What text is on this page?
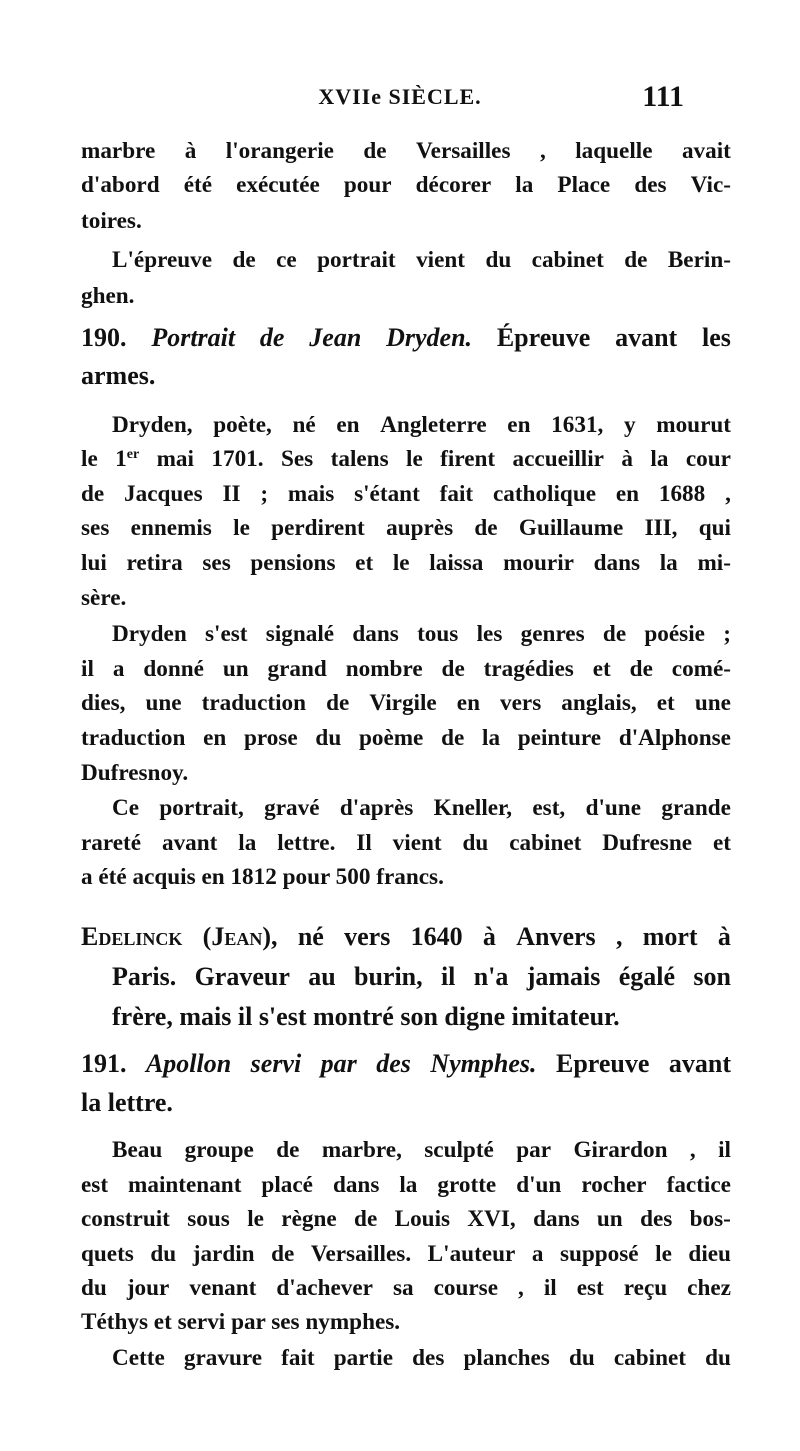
XVIIe SIÈCLE.	111
marbre à l'orangerie de Versailles , laquelle avait
d'abord été exécutée pour décorer la Place des Vic-
toires.
L'épreuve de ce portrait vient du cabinet de Berin-
ghen.
190. Portrait de Jean Dryden. Épreuve avant les
armes.
Dryden, poète, né en Angleterre en 1631, y mourut
le 1er mai 1701. Ses talens le firent accueillir à la cour
de Jacques II ; mais s'étant fait catholique en 1688 ,
ses ennemis le perdirent auprès de Guillaume III, qui
lui retira ses pensions et le laissa mourir dans la mi-
sère.
Dryden s'est signalé dans tous les genres de poésie ;
il a donné un grand nombre de tragédies et de comé-
dies, une traduction de Virgile en vers anglais, et une
traduction en prose du poème de la peinture d'Alphonse
Dufresnoy.
Ce portrait, gravé d'après Kneller, est, d'une grande
rareté avant la lettre. Il vient du cabinet Dufresne et
a été acquis en 1812 pour 500 francs.
Edelinck (Jean), né vers 1640 à Anvers , mort à
Paris. Graveur au burin, il n'a jamais égalé son
frère, mais il s'est montré son digne imitateur.
191. Apollon servi par des Nymphes. Epreuve avant
la lettre.
Beau groupe de marbre, sculpté par Girardon , il
est maintenant placé dans la grotte d'un rocher factice
construit sous le règne de Louis XVI, dans un des bos-
quets du jardin de Versailles. L'auteur a supposé le dieu
du jour venant d'achever sa course , il est reçu chez
Téthys et servi par ses nymphes.
Cette gravure fait partie des planches du cabinet du
